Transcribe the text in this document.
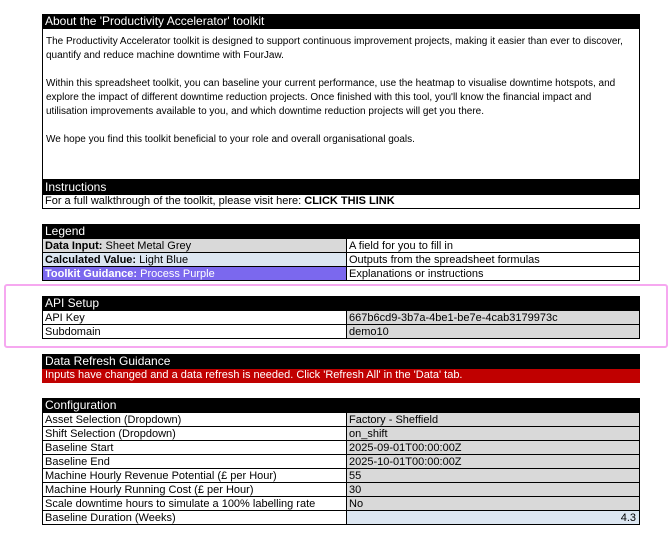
About the 'Productivity Accelerator' toolkit

The Productivity Accelerator toolkit is designed to support continuous improvement projects, making it easier than ever to discover, quantify and reduce machine downtime with FourJaw.

Within this spreadsheet toolkit, you can baseline your current performance, use the heatmap to visualise downtime hotspots, and explore the impact of different downtime reduction projects. Once finished with this tool, you'll know the financial impact and utilisation improvements available to you, and which downtime reduction projects will get you there.

We hope you find this toolkit beneficial to your role and overall organisational goals.

Instructions
For a full walkthrough of the toolkit, please visit here: CLICK THIS LINK
Legend
Data Input: Sheet Metal Grey	A field for you to fill in
Calculated Value: Light Blue	Outputs from the spreadsheet formulas
Toolkit Guidance: Process Purple	Explanations or instructions
API Setup
API Key	667b6cd9-3b7a-4be1-be7e-4cab3179973c
Subdomain	demo10
Data Refresh Guidance
Inputs have changed and a data refresh is needed. Click 'Refresh All' in the 'Data' tab.
Configuration
Asset Selection (Dropdown)	Factory - Sheffield
Shift Selection (Dropdown)	on_shift
Baseline Start	2025-09-01T00:00:00Z
Baseline End	2025-10-01T00:00:00Z
Machine Hourly Revenue Potential (£ per Hour)	55
Machine Hourly Running Cost (£ per Hour)	30
Scale downtime hours to simulate a 100% labelling rate	No
Baseline Duration (Weeks)	4.3
